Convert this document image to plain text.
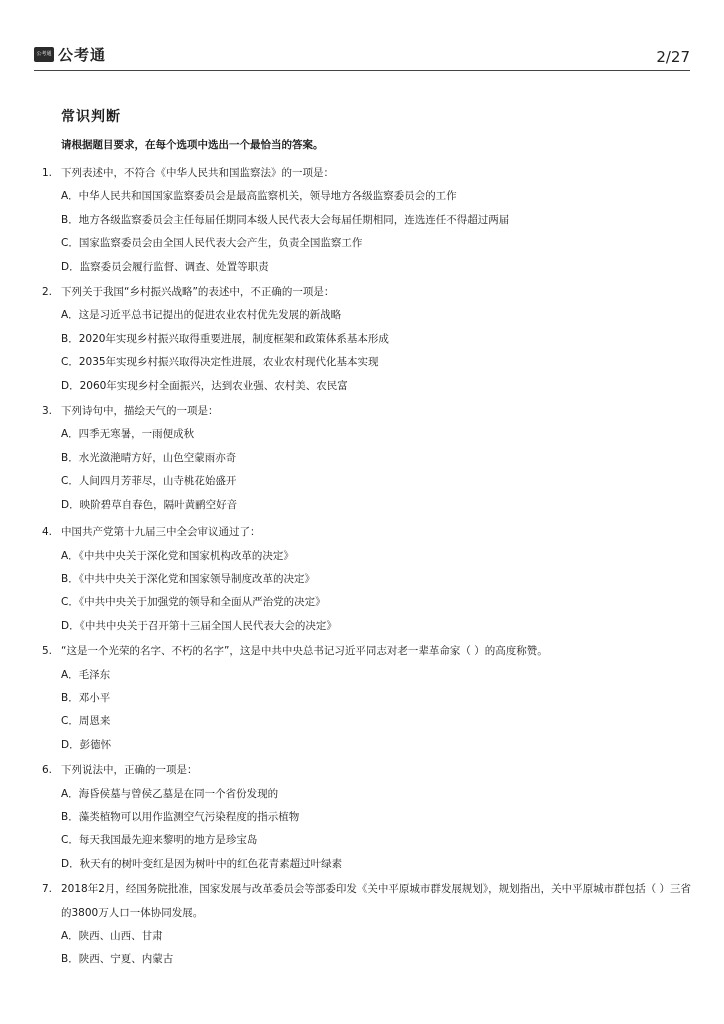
公考通 公考通	2/27
常识判断
请根据题目要求，在每个选项中选出一个最恰当的答案。
1. 下列表述中，不符合《中华人民共和国监察法》的一项是：
A．中华人民共和国国家监察委员会是最高监察机关，领导地方各级监察委员会的工作
B．地方各级监察委员会主任每届任期同本级人民代表大会每届任期相同，连选连任不得超过两届
C．国家监察委员会由全国人民代表大会产生，负责全国监察工作
D．监察委员会履行监督、调查、处置等职责
2. 下列关于我国“乡村振兴战略”的表述中，不正确的一项是：
A．这是习近平总书记提出的促进农业农村优先发展的新战略
B．2020年实现乡村振兴取得重要进展，制度框架和政策体系基本形成
C．2035年实现乡村振兴取得决定性进展，农业农村现代化基本实现
D．2060年实现乡村全面振兴，达到农业强、农村美、农民富
3. 下列诗句中，描绘天气的一项是：
A．四季无寒暑，一雨便成秋
B．水光潋滟晴方好，山色空蒙雨亦奇
C．人间四月芳菲尽，山寺桃花始盛开
D．映阶碧草自春色，隔叶黄鹂空好音
4. 中国共产党第十九届三中全会审议通过了：
A．《中共中央关于深化党和国家机构改革的决定》
B．《中共中央关于深化党和国家领导制度改革的决定》
C．《中共中央关于加强党的领导和全面从严治党的决定》
D．《中共中央关于召开第十三届全国人民代表大会的决定》
5. “这是一个光荣的名字、不朽的名字”，这是中共中央总书记习近平同志对老一辈革命家（ ）的高度称赞。
A．毛泽东
B．邓小平
C．周恩来
D．彭德怀
6. 下列说法中，正确的一项是：
A．海昏侯墓与曾侯乙墓是在同一个省份发现的
B．藻类植物可以用作监测空气污染程度的指示植物
C．每天我国最先迎来黎明的地方是珍宝岛
D．秋天有的树叶变红是因为树叶中的红色花青素超过叶绿素
7. 2018年2月，经国务院批准，国家发展与改革委员会等部委印发《关中平原城市群发展规划》，规划指出，关中平原城市群包括（ ）三省的3800万人口一体协同发展。
A．陕西、山西、甘肃
B．陕西、宁夏、内蒙古
